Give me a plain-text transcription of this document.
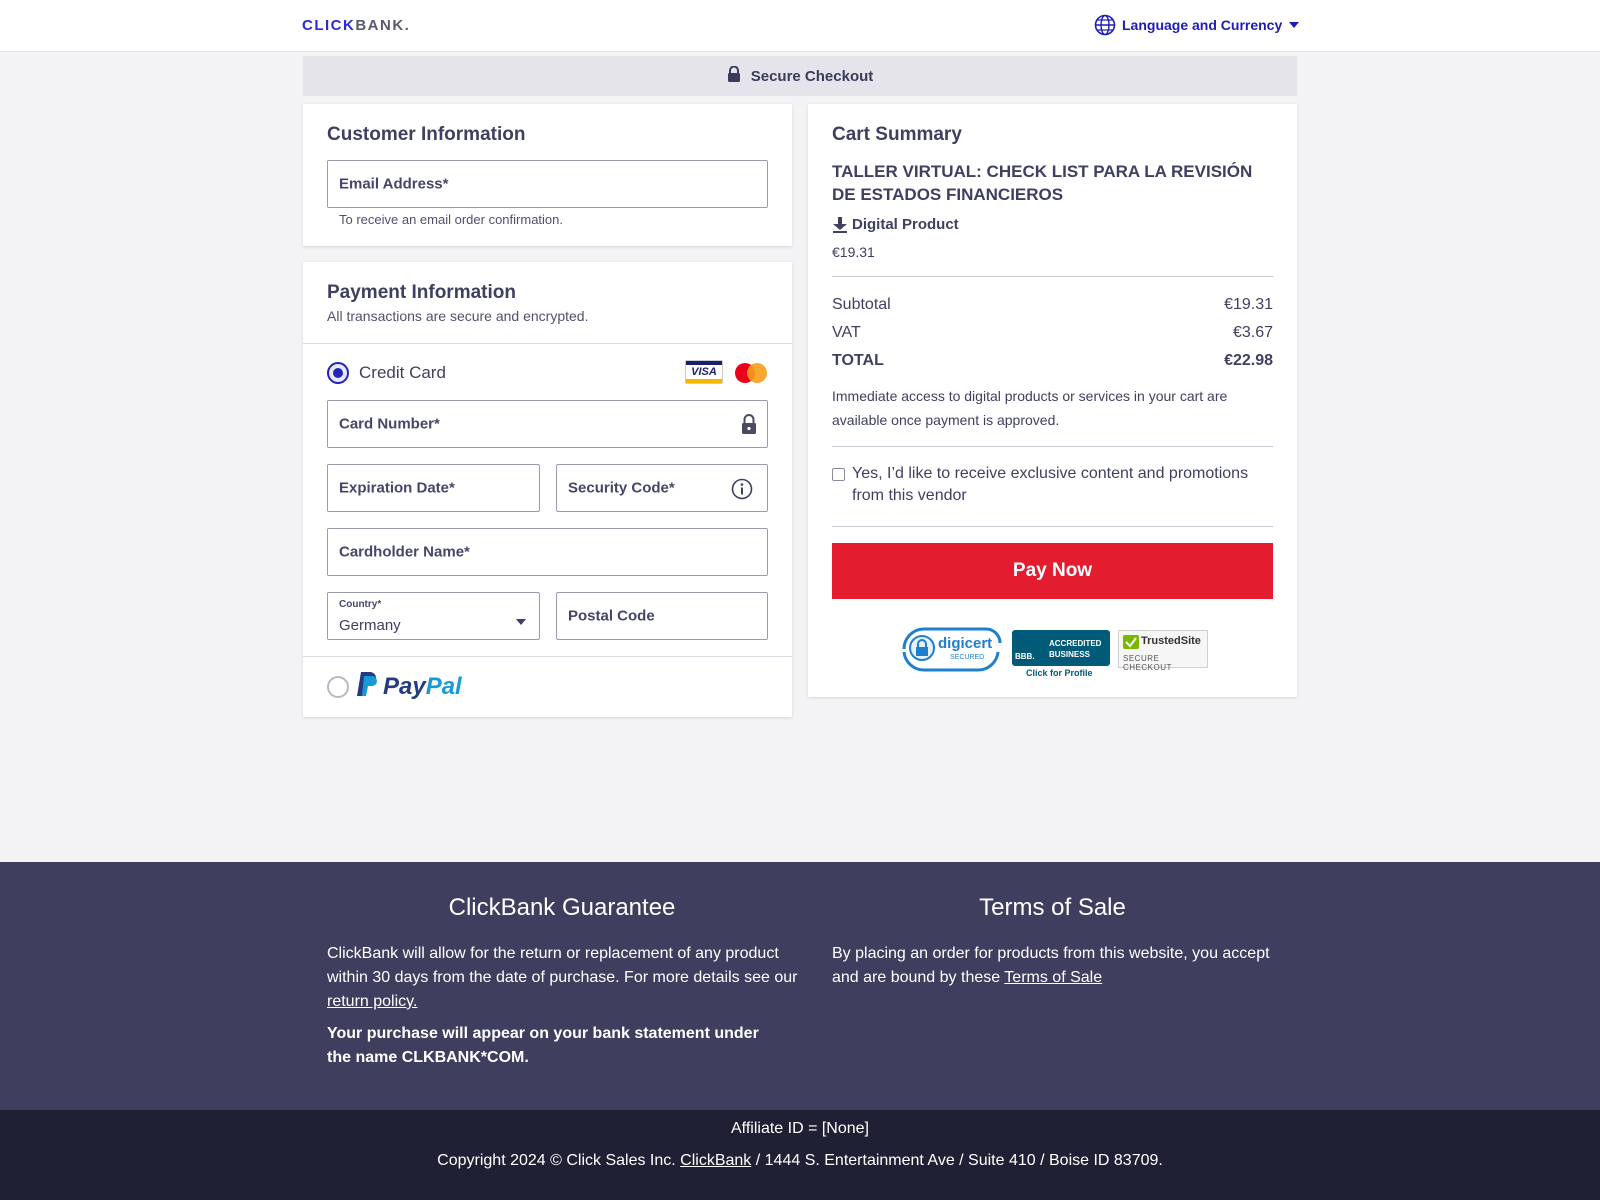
CLICKBANK.	Language and Currency
Secure Checkout
Customer Information
Email Address*
To receive an email order confirmation.
Payment Information
All transactions are secure and encrypted.
Credit Card	VISA
Card Number*
Expiration Date*	Security Code*
Cardholder Name*
Country*
Germany
Postal Code
PayPal
Cart Summary
TALLER VIRTUAL: CHECK LIST PARA LA REVISIÓN DE ESTADOS FINANCIEROS
Digital Product
€19.31
Subtotal	€19.31
VAT	€3.67
TOTAL	€22.98
Immediate access to digital products or services in your cart are available once payment is approved.
Yes, I’d like to receive exclusive content and promotions from this vendor
digicert
SECURED	BBB.
ACCREDITED
BUSINESS
Click for Profile
TrustedSite
SECURE CHECKOUT
Pay Now
ClickBank Guarantee

ClickBank will allow for the return or replacement of any product within 30 days from the date of purchase. For more details see our return policy.

Your purchase will appear on your bank statement under the name CLKBANK*COM.

Terms of Sale

By placing an order for products from this website, you accept and are bound by these Terms of Sale

Affiliate ID = [None]
Copyright 2024 © Click Sales Inc. ClickBank / 1444 S. Entertainment Ave / Suite 410 / Boise ID 83709.
